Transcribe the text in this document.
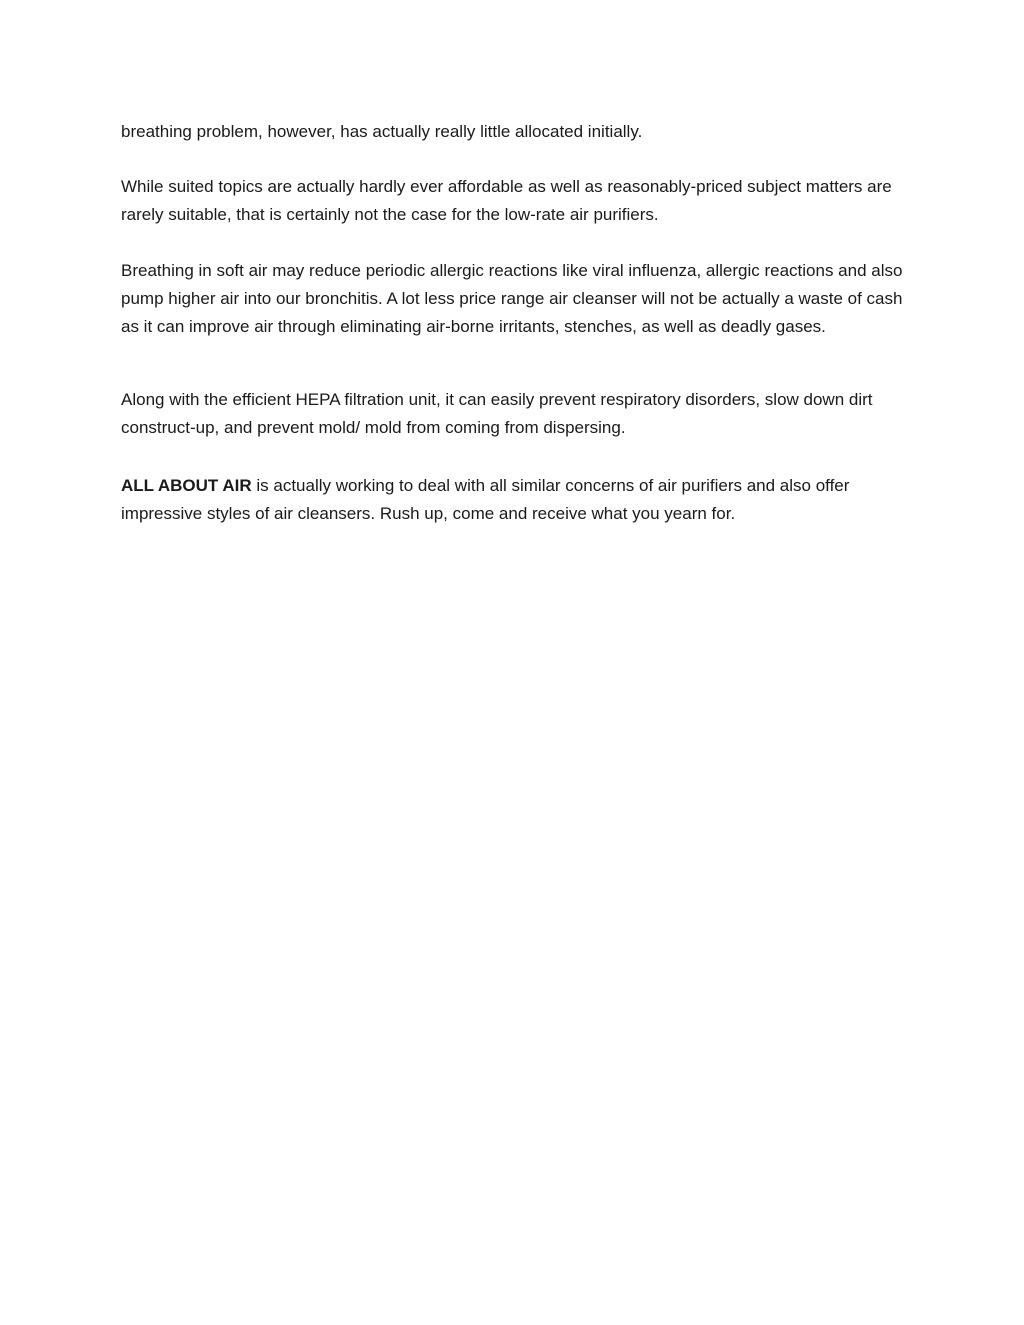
breathing problem, however, has actually really little allocated initially.

While suited topics are actually hardly ever affordable as well as reasonably-priced subject matters are rarely suitable, that is certainly not the case for the low-rate air purifiers.

Breathing in soft air may reduce periodic allergic reactions like viral influenza, allergic reactions and also pump higher air into our bronchitis. A lot less price range air cleanser will not be actually a waste of cash as it can improve air through eliminating air-borne irritants, stenches, as well as deadly gases.

Along with the efficient HEPA filtration unit, it can easily prevent respiratory disorders, slow down dirt construct-up, and prevent mold/ mold from coming from dispersing.

ALL ABOUT AIR is actually working to deal with all similar concerns of air purifiers and also offer impressive styles of air cleansers. Rush up, come and receive what you yearn for.
